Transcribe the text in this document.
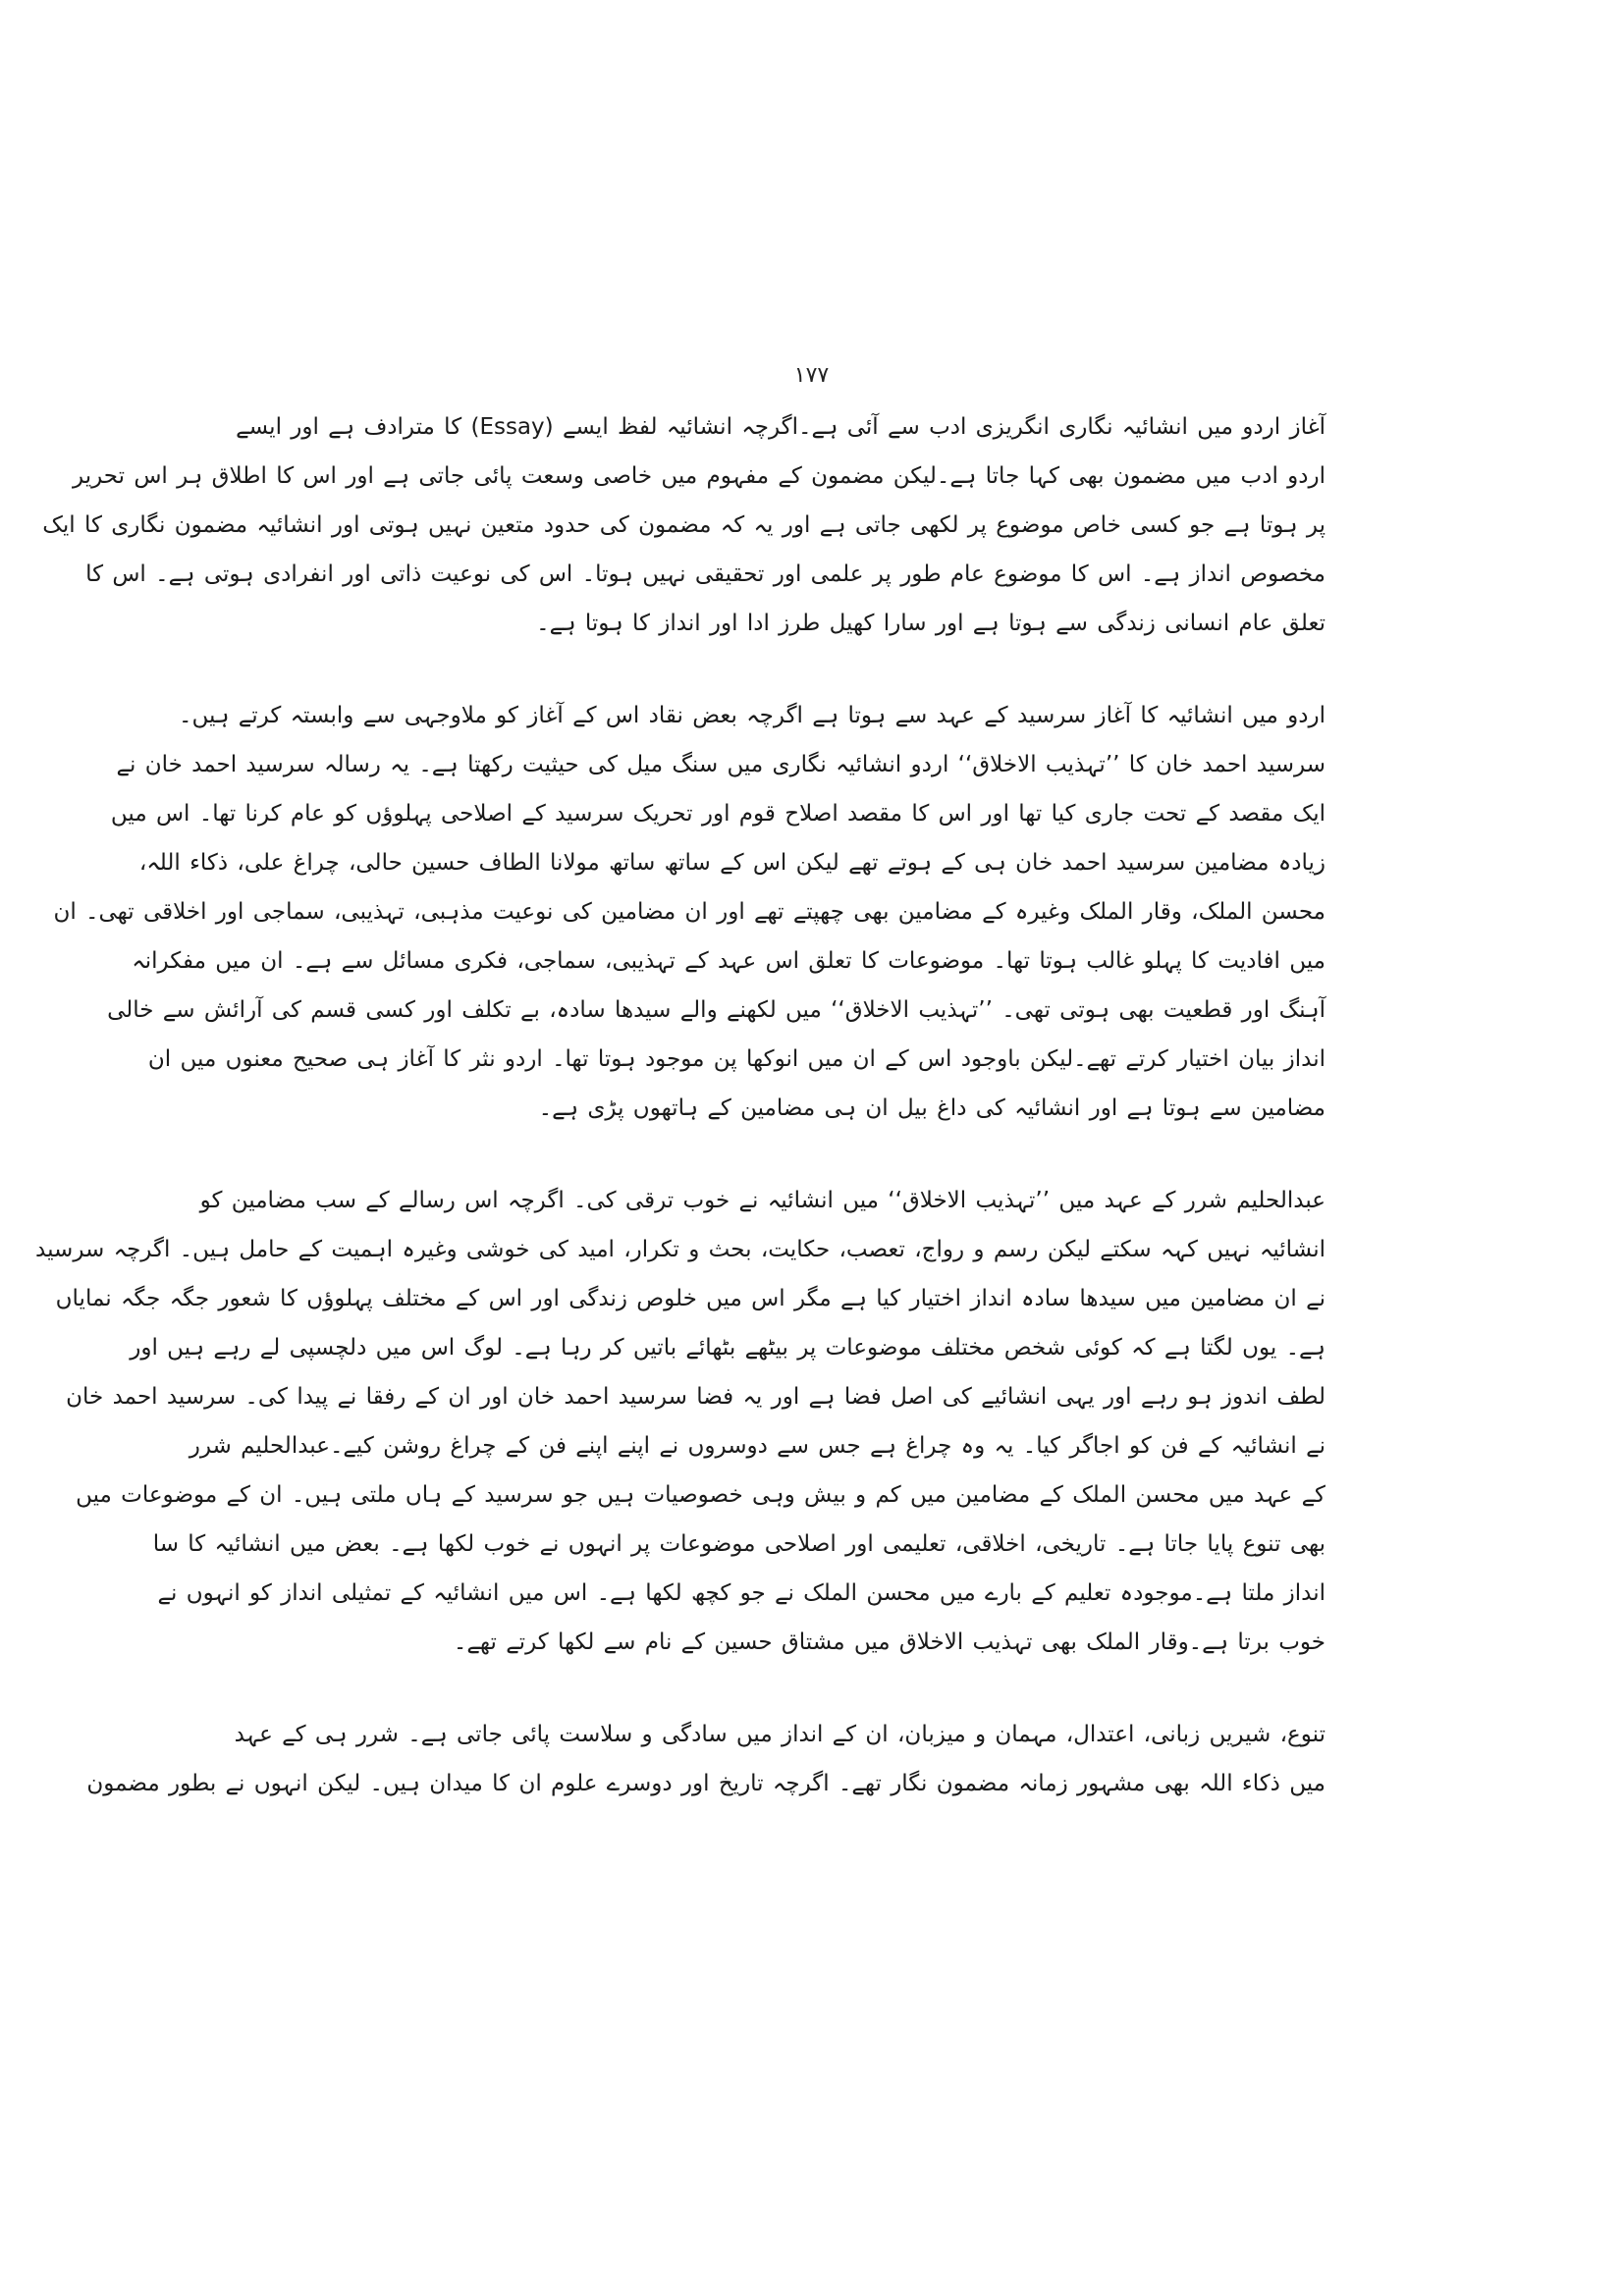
۱۷۷
آغاز اردو میں انشائیہ نگاری انگریزی ادب سے آئی ہے۔اگرچہ انشائیہ لفظ ایسے (Essay) کا مترادف ہے اور ایسے
اردو ادب میں مضمون بھی کہا جاتا ہے۔لیکن مضمون کے مفہوم میں خاصی وسعت پائی جاتی ہے اور اس کا اطلاق ہر اس تحریر
پر ہوتا ہے جو کسی خاص موضوع پر لکھی جاتی ہے اور یہ کہ مضمون کی حدود متعین نہیں ہوتی اور انشائیہ مضمون نگاری کا ایک
مخصوص انداز ہے۔ اس کا موضوع عام طور پر علمی اور تحقیقی نہیں ہوتا۔ اس کی نوعیت ذاتی اور انفرادی ہوتی ہے۔ اس کا
تعلق عام انسانی زندگی سے ہوتا ہے اور سارا کھیل طرز ادا اور انداز کا ہوتا ہے۔
اردو میں انشائیہ کا آغاز سرسید کے عہد سے ہوتا ہے اگرچہ بعض نقاد اس کے آغاز کو ملاوجہی سے وابستہ کرتے ہیں۔
سرسید احمد خان کا ’’تہذیب الاخلاق‘‘ اردو انشائیہ نگاری میں سنگ میل کی حیثیت رکھتا ہے۔ یہ رسالہ سرسید احمد خان نے
ایک مقصد کے تحت جاری کیا تھا اور اس کا مقصد اصلاح قوم اور تحریک سرسید کے اصلاحی پہلوؤں کو عام کرنا تھا۔ اس میں
زیادہ مضامین سرسید احمد خان ہی کے ہوتے تھے لیکن اس کے ساتھ ساتھ مولانا الطاف حسین حالی، چراغ علی، ذکاء اللہ،
محسن الملک، وقار الملک وغیرہ کے مضامین بھی چھپتے تھے اور ان مضامین کی نوعیت مذہبی، تہذیبی، سماجی اور اخلاقی تھی۔ ان
میں افادیت کا پہلو غالب ہوتا تھا۔ موضوعات کا تعلق اس عہد کے تہذیبی، سماجی، فکری مسائل سے ہے۔ ان میں مفکرانہ
آہنگ اور قطعیت بھی ہوتی تھی۔ ’’تہذیب الاخلاق‘‘ میں لکھنے والے سیدھا سادہ، بے تکلف اور کسی قسم کی آرائش سے خالی
انداز بیان اختیار کرتے تھے۔لیکن باوجود اس کے ان میں انوکھا پن موجود ہوتا تھا۔ اردو نثر کا آغاز ہی صحیح معنوں میں ان
مضامین سے ہوتا ہے اور انشائیہ کی داغ بیل ان ہی مضامین کے ہاتھوں پڑی ہے۔
عبدالحلیم شرر کے عہد میں ’’تہذیب الاخلاق‘‘ میں انشائیہ نے خوب ترقی کی۔ اگرچہ اس رسالے کے سب مضامین کو
انشائیہ نہیں کہہ سکتے لیکن رسم و رواج، تعصب، حکایت، بحث و تکرار، امید کی خوشی وغیرہ اہمیت کے حامل ہیں۔ اگرچہ سرسید
نے ان مضامین میں سیدھا سادہ انداز اختیار کیا ہے مگر اس میں خلوص زندگی اور اس کے مختلف پہلوؤں کا شعور جگہ جگہ نمایاں
ہے۔ یوں لگتا ہے کہ کوئی شخص مختلف موضوعات پر بیٹھے بٹھائے باتیں کر رہا ہے۔ لوگ اس میں دلچسپی لے رہے ہیں اور
لطف اندوز ہو رہے اور یہی انشائیے کی اصل فضا ہے اور یہ فضا سرسید احمد خان اور ان کے رفقا نے پیدا کی۔ سرسید احمد خان
نے انشائیہ کے فن کو اجاگر کیا۔ یہ وہ چراغ ہے جس سے دوسروں نے اپنے اپنے فن کے چراغ روشن کیے۔عبدالحلیم شرر
کے عہد میں محسن الملک کے مضامین میں کم و بیش وہی خصوصیات ہیں جو سرسید کے ہاں ملتی ہیں۔ ان کے موضوعات میں
بھی تنوع پایا جاتا ہے۔ تاریخی، اخلاقی، تعلیمی اور اصلاحی موضوعات پر انہوں نے خوب لکھا ہے۔ بعض میں انشائیہ کا سا
انداز ملتا ہے۔موجودہ تعلیم کے بارے میں محسن الملک نے جو کچھ لکھا ہے۔ اس میں انشائیہ کے تمثیلی انداز کو انہوں نے
خوب برتا ہے۔وقار الملک بھی تہذیب الاخلاق میں مشتاق حسین کے نام سے لکھا کرتے تھے۔
تنوع، شیریں زبانی، اعتدال، مہمان و میزبان، ان کے انداز میں سادگی و سلاست پائی جاتی ہے۔ شرر ہی کے عہد
میں ذکاء اللہ بھی مشہور زمانہ مضمون نگار تھے۔ اگرچہ تاریخ اور دوسرے علوم ان کا میدان ہیں۔ لیکن انہوں نے بطور مضمون
